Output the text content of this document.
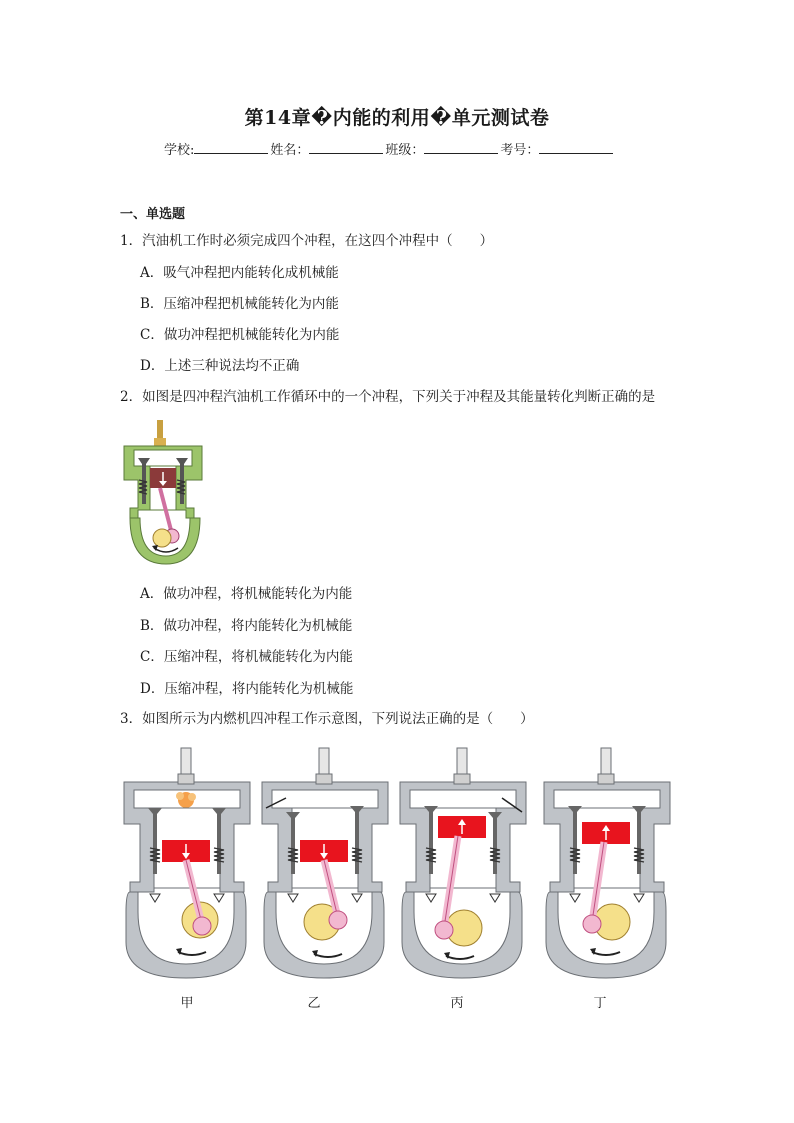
第14章�内能的利用�单元测试卷
学校:	姓名：	班级：	考号：
一、单选题
1．汽油机工作时必须完成四个冲程，在这四个冲程中（　　）
A．吸气冲程把内能转化成机械能
B．压缩冲程把机械能转化为内能
C．做功冲程把机械能转化为内能
D．上述三种说法均不正确
2．如图是四冲程汽油机工作循环中的一个冲程，下列关于冲程及其能量转化判断正确的是
A．做功冲程，将机械能转化为内能
B．做功冲程，将内能转化为机械能
C．压缩冲程，将机械能转化为内能
D．压缩冲程，将内能转化为机械能
3．如图所示为内燃机四冲程工作示意图，下列说法正确的是（　　）
甲	乙	丙	丁
